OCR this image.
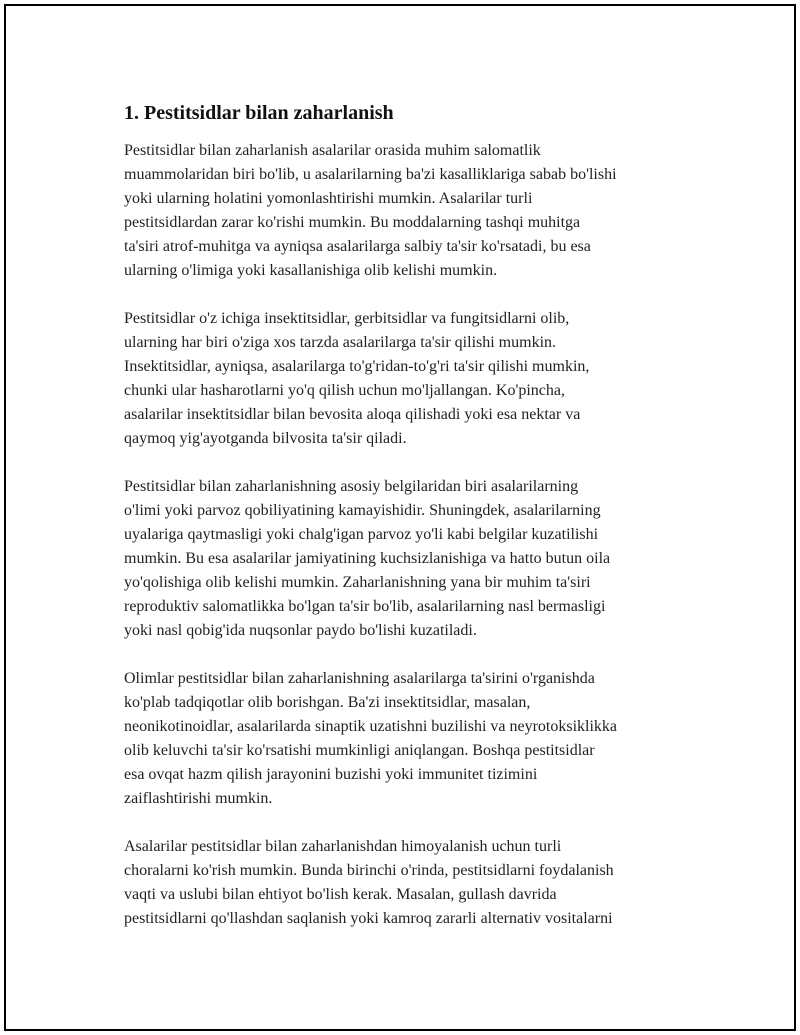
1. Pestitsidlar bilan zaharlanish

Pestitsidlar bilan zaharlanish asalarilar orasida muhim salomatlik
muammolaridan biri bo'lib, u asalarilarning ba'zi kasalliklariga sabab bo'lishi
yoki ularning holatini yomonlashtirishi mumkin. Asalarilar turli
pestitsidlardan zarar ko'rishi mumkin. Bu moddalarning tashqi muhitga
ta'siri atrof-muhitga va ayniqsa asalarilarga salbiy ta'sir ko'rsatadi, bu esa
ularning o'limiga yoki kasallanishiga olib kelishi mumkin.

Pestitsidlar o'z ichiga insektitsidlar, gerbitsidlar va fungitsidlarni olib,
ularning har biri o'ziga xos tarzda asalarilarga ta'sir qilishi mumkin.
Insektitsidlar, ayniqsa, asalarilarga to'g'ridan-to'g'ri ta'sir qilishi mumkin,
chunki ular hasharotlarni yo'q qilish uchun mo'ljallangan. Ko'pincha,
asalarilar insektitsidlar bilan bevosita aloqa qilishadi yoki esa nektar va
qaymoq yig'ayotganda bilvosita ta'sir qiladi.

Pestitsidlar bilan zaharlanishning asosiy belgilaridan biri asalarilarning
o'limi yoki parvoz qobiliyatining kamayishidir. Shuningdek, asalarilarning
uyalariga qaytmasligi yoki chalg'igan parvoz yo'li kabi belgilar kuzatilishi
mumkin. Bu esa asalarilar jamiyatining kuchsizlanishiga va hatto butun oila
yo'qolishiga olib kelishi mumkin. Zaharlanishning yana bir muhim ta'siri
reproduktiv salomatlikka bo'lgan ta'sir bo'lib, asalarilarning nasl bermasligi
yoki nasl qobig'ida nuqsonlar paydo bo'lishi kuzatiladi.

Olimlar pestitsidlar bilan zaharlanishning asalarilarga ta'sirini o'rganishda
ko'plab tadqiqotlar olib borishgan. Ba'zi insektitsidlar, masalan,
neonikotinoidlar, asalarilarda sinaptik uzatishni buzilishi va neyrotoksiklikka
olib keluvchi ta'sir ko'rsatishi mumkinligi aniqlangan. Boshqa pestitsidlar
esa ovqat hazm qilish jarayonini buzishi yoki immunitet tizimini
zaiflashtirishi mumkin.

Asalarilar pestitsidlar bilan zaharlanishdan himoyalanish uchun turli
choralarni ko'rish mumkin. Bunda birinchi o'rinda, pestitsidlarni foydalanish
vaqti va uslubi bilan ehtiyot bo'lish kerak. Masalan, gullash davrida
pestitsidlarni qo'llashdan saqlanish yoki kamroq zararli alternativ vositalarni
